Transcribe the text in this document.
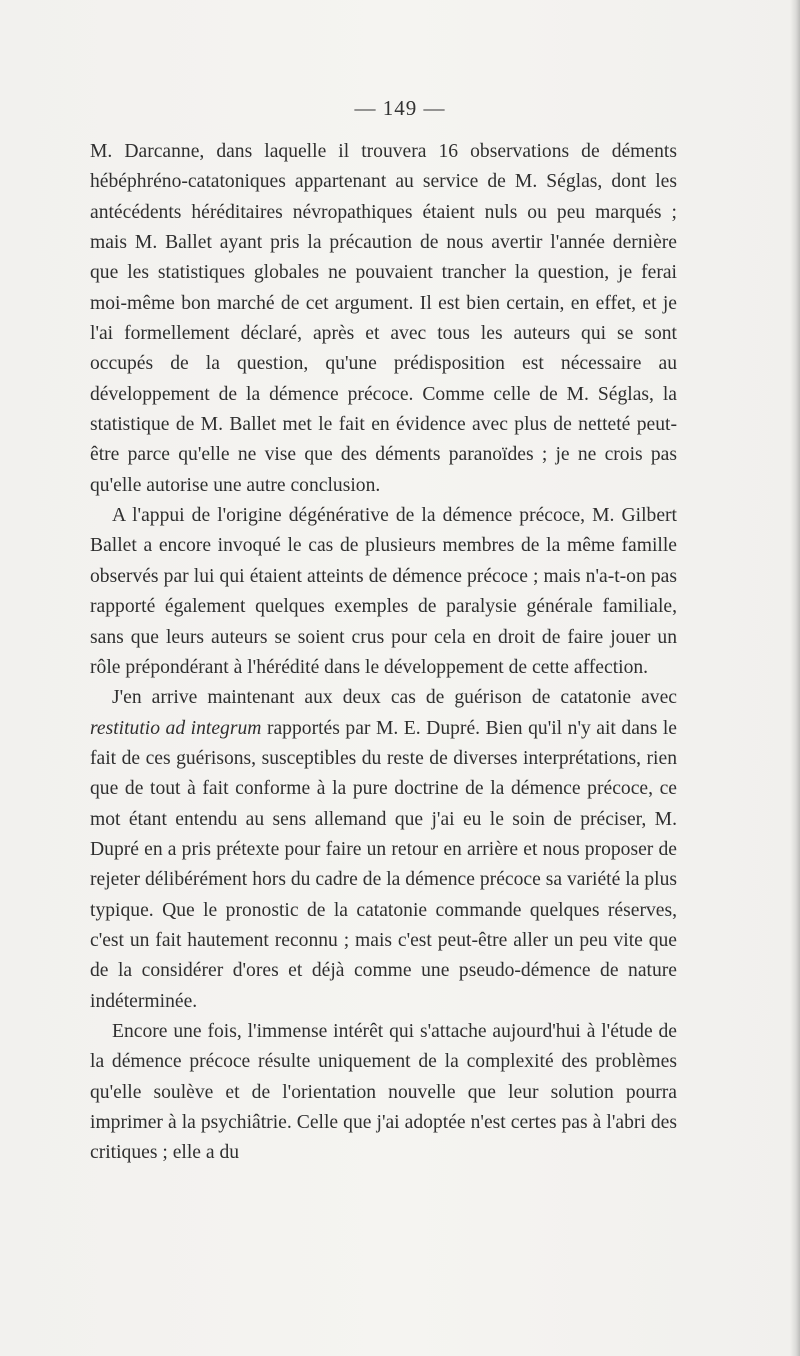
— 149 —

M. Darcanne, dans laquelle il trouvera 16 observations de déments hébéphréno-catatoniques appartenant au service de M. Séglas, dont les antécédents héréditaires névropathiques étaient nuls ou peu marqués ; mais M. Ballet ayant pris la précaution de nous avertir l'année dernière que les statistiques globales ne pouvaient trancher la question, je ferai moi-même bon marché de cet argument. Il est bien certain, en effet, et je l'ai formellement déclaré, après et avec tous les auteurs qui se sont occupés de la question, qu'une prédisposition est nécessaire au développement de la démence précoce. Comme celle de M. Séglas, la statistique de M. Ballet met le fait en évidence avec plus de netteté peut-être parce qu'elle ne vise que des déments paranoïdes ; je ne crois pas qu'elle autorise une autre conclusion.

A l'appui de l'origine dégénérative de la démence précoce, M. Gilbert Ballet a encore invoqué le cas de plusieurs membres de la même famille observés par lui qui étaient atteints de démence précoce ; mais n'a-t-on pas rapporté également quelques exemples de paralysie générale familiale, sans que leurs auteurs se soient crus pour cela en droit de faire jouer un rôle prépondérant à l'hérédité dans le développement de cette affection.

J'en arrive maintenant aux deux cas de guérison de catatonie avec restitutio ad integrum rapportés par M. E. Dupré. Bien qu'il n'y ait dans le fait de ces guérisons, susceptibles du reste de diverses interprétations, rien que de tout à fait conforme à la pure doctrine de la démence précoce, ce mot étant entendu au sens allemand que j'ai eu le soin de préciser, M. Dupré en a pris prétexte pour faire un retour en arrière et nous proposer de rejeter délibérément hors du cadre de la démence précoce sa variété la plus typique. Que le pronostic de la catatonie commande quelques réserves, c'est un fait hautement reconnu ; mais c'est peut-être aller un peu vite que de la considérer d'ores et déjà comme une pseudo-démence de nature indéterminée.

Encore une fois, l'immense intérêt qui s'attache aujourd'hui à l'étude de la démence précoce résulte uniquement de la complexité des problèmes qu'elle soulève et de l'orientation nouvelle que leur solution pourra imprimer à la psychiâtrie. Celle que j'ai adoptée n'est certes pas à l'abri des critiques ; elle a du
